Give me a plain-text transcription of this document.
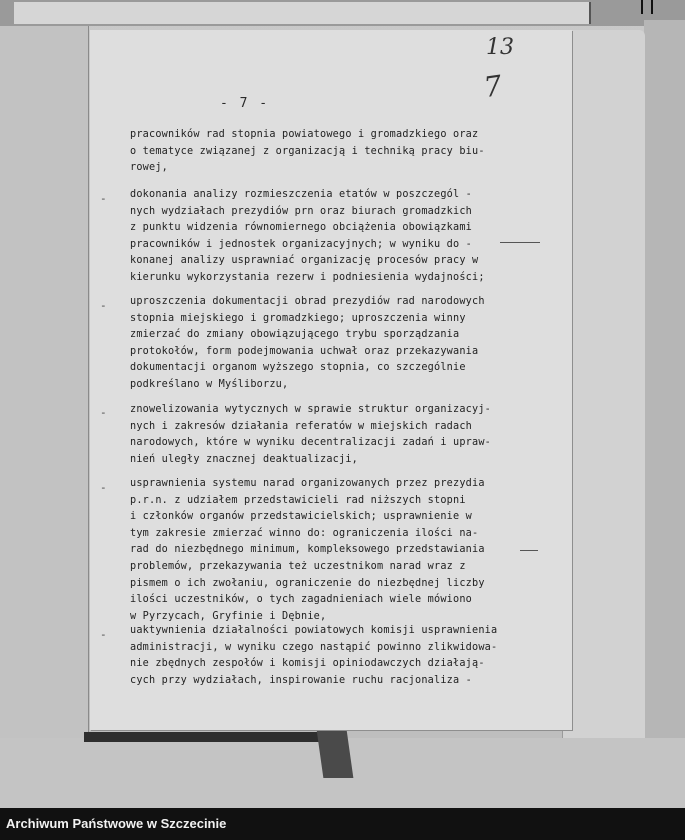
13
7
- 7 -
pracowników rad stopnia powiatowego i gromadzkiego oraz
o tematyce związanej z organizacją i techniką pracy biu-
rowej,
dokonania analizy rozmieszczenia etatów w poszczegól -
nych wydziałach prezydiów prn oraz biurach gromadzkich
z punktu widzenia równomiernego obciążenia obowiązkami
pracowników i jednostek organizacyjnych; w wyniku do -
konanej analizy usprawniać organizację procesów pracy w
kierunku wykorzystania rezerw i podniesienia wydajności;
uproszczenia dokumentacji obrad prezydiów rad narodowych
stopnia miejskiego i gromadzkiego; uproszczenia winny
zmierzać do zmiany obowiązującego trybu sporządzania
protokołów, form podejmowania uchwał oraz przekazywania
dokumentacji organom wyższego stopnia, co szczególnie
podkreślano w Myśliborzu,
znowelizowania wytycznych w sprawie struktur organizacyj-
nych i zakresów działania referatów w miejskich radach
narodowych, które w wyniku decentralizacji zadań i upraw-
nień uległy znacznej deaktualizacji,
usprawnienia systemu narad organizowanych przez prezydia
p.r.n. z udziałem przedstawicieli rad niższych stopni
i członków organów przedstawicielskich; usprawnienie w
tym zakresie zmierzać winno do: ograniczenia ilości na-
rad do niezbędnego minimum, kompleksowego przedstawiania
problemów, przekazywania też uczestnikom narad wraz z
pismem o ich zwołaniu, ograniczenie do niezbędnej liczby
ilości uczestników, o tych zagadnieniach wiele mówiono
w Pyrzycach, Gryfinie i Dębnie,
uaktywnienia działalności powiatowych komisji usprawnienia
administracji, w wyniku czego nastąpić powinno zlikwidowa-
nie zbędnych zespołów i komisji opiniodawczych działają-
cych przy wydziałach, inspirowanie ruchu racjonaliza -
-
-
-
-
-
Archiwum Państwowe w Szczecinie
